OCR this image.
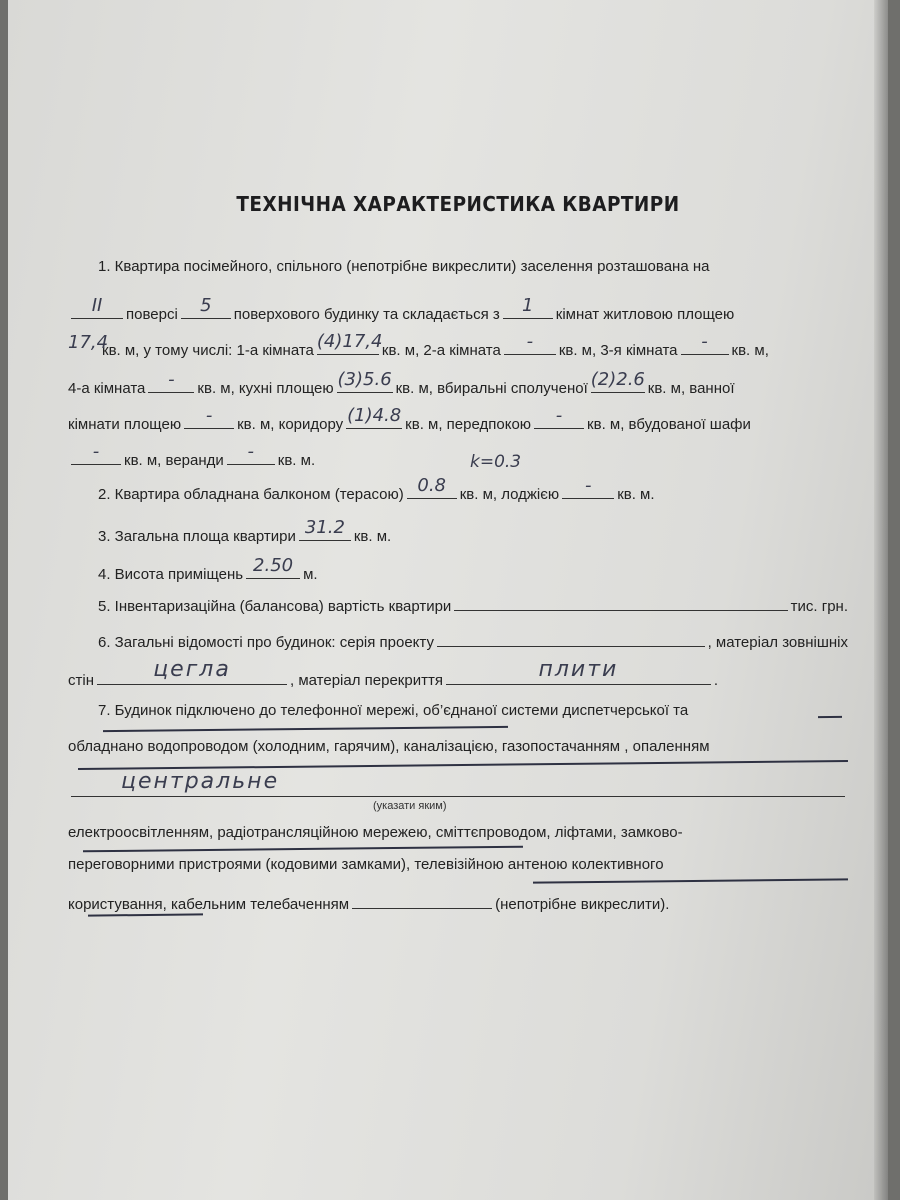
ТЕХНІЧНА ХАРАКТЕРИСТИКА КВАРТИРИ
1. Квартира посімейного, спільного (непотрібне викреслити) заселення розташована на
II	поверсі	5	поверхового будинку та складається з	1	кімнат житловою площею
17,4
кв. м, у тому числі: 1-а кімната (4)17,4 кв. м, 2-а кімната	-	кв. м, 3-я кімната	-	кв. м,
4-а кімната	-	кв. м, кухні площею (3)5.6 кв. м, вбиральні сполученої (2)2.6 кв. м, ванної
кімнати площею	-	кв. м, коридору (1)4.8 кв. м, передпокою	-	кв. м, вбудованої шафи
-	кв. м, веранди	-	кв. м.	k=0.3
2. Квартира обладнана балконом (терасою) 0.8 кв. м, лоджією	-	кв. м.
3. Загальна площа квартири 31.2 кв. м.
4. Висота приміщень 2.50 м.
5. Інвентаризаційна (балансова) вартість квартири	тис. грн.
6. Загальні відомості про будинок: серія проекту	, матеріал зовнішніх
стін	цегла	, матеріал перекриття	плити	.
7. Будинок підключено до телефонної мережі, об’єднаної системи диспетчерської та
обладнано водопроводом (холодним, гарячим), каналізацією, газопостачанням , опаленням
центральне
(указати яким)
електроосвітленням, радіотрансляційною мережею, сміттєпроводом, ліфтами, замково-
переговорними пристроями (кодовими замками), телевізійною антеною колективного
користування, кабельним телебаченням	(непотрібне викреслити).
